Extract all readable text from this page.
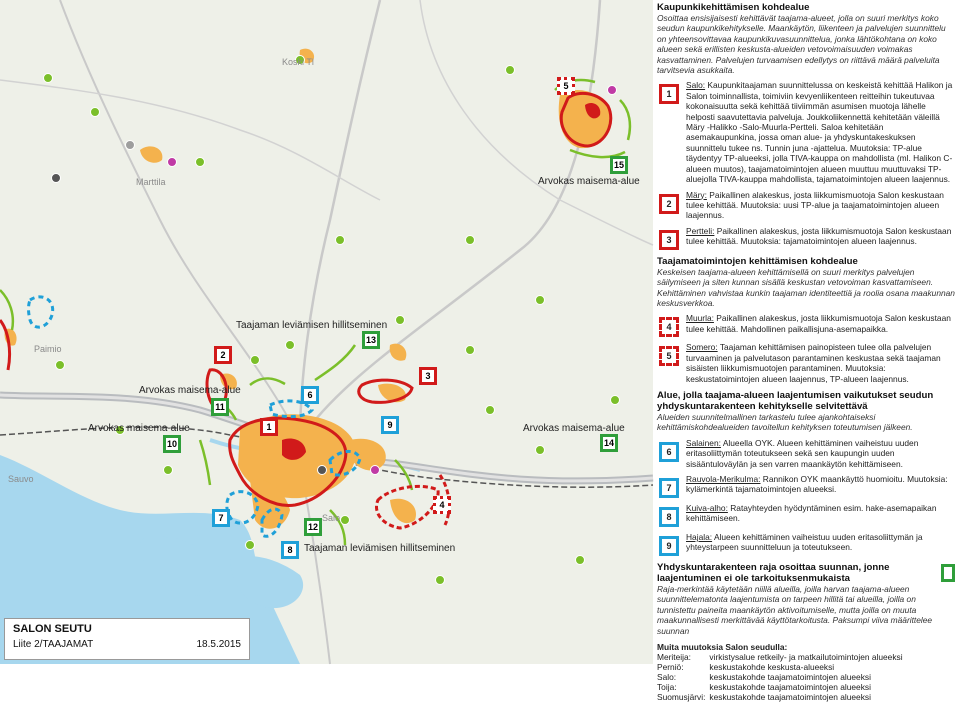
Koski Tl
Marttila
Paimio
Sauvo
Salo
Taajaman leviämisen hillitseminen
Taajaman leviämisen hillitseminen
Arvokas maisema-alue
Arvokas maisema-alue
Arvokas maisema-alue	Arvokas maisema-alue
1
2
3
4
5
6
7
8
9
10
11
12
13
14
15
SALON SEUTU
Liite 2/TAAJAMAT	18.5.2015
Kaupunkikehittämisen kohdealue
Osoittaa ensisijaisesti kehittävät taajama-alueet, jolla on suuri merkitys koko seudun kaupunkikehitykselle. Maankäytön, liikenteen ja palvelujen suunnittelu on yhteensovittavaa kaupunkikuvasuunnittelua, jonka lähtökohtana on koko alueen sekä erillisten keskusta-alueiden vetovoimaisuuden voimakas kasvattaminen. Palvelujen turvaamisen edellytys on riittävä määrä palveluita tarvitsevia asukkaita.
1
Salo: Kaupunkitaajaman suunnittelussa on keskeistä kehittää Halikon ja Salon toiminnallista, toimiviin kevyenliikenteen reitteihin tukeutuvaa kokonaisuutta sekä kehittää tiiviimmän asumisen muotoja lähelle helposti saavutettavia palveluja. Joukkoliikennettä kehitetään väleillä Märy -Halikko -Salo-Muurla-Perttelі. Saloa kehitetään asemakaupunkina, jossa oman alue- ja yhdyskuntakeskuksen suunnittelu tukee ns. Tunnin juna -ajattelua. Muutoksia: TP-alue täydentyy TP-alueeksi, jolla TIVA-kauppa on mahdollista (ml. Halikon C-alueen muutos), taajamatoimintojen alueen muuttuu muuttuvaksi TP-aluejolla TIVA-kauppa mahdollista, tajamatoimintojen alueen laajennus.
2
Märy: Paikallinen alakeskus, josta liikkumismuotoja Salon keskustaan tulee kehittää. Muutoksia: uusi TP-alue ja taajamatoimintojen alueen laajennus.
3
Pertteli: Paikallinen alakeskus, josta liikkumismuotoja Salon keskustaan tulee kehittää. Muutoksia: tajamatoimintojen alueen laajennus.
Taajamatoimintojen kehittämisen kohdealue
Keskeisen taajama-alueen kehittämisellä on suuri merkitys palvelujen säilymiseen ja siten kunnan sisällä keskustan vetovoiman kasvattamiseen. Kehittäminen vahvistaa kunkin taajaman identiteettiä ja roolia osana maakunnan keskusverkkoa.
4
Muurla: Paikallinen alakeskus, josta liikkumismuotoja Salon keskustaan tulee kehittää. Mahdollinen paikallisjuna-asemapaikka.
5
Somero: Taajaman kehittämisen painopisteen tulee olla palvelujen turvaaminen ja palvelutason parantaminen keskustaa sekä taajaman sisäisten liikkumismuotojen parantaminen. Muutoksia: keskustatoimintojen alueen laajennus, TP-alueen laajennus.
Alue, jolla taajama-alueen laajentumisen vaikutukset seudun yhdyskuntarakenteen kehitykselle selvitettävä
Alueiden suunnitelmallinen tarkastelu tulee ajankohtaiseksi kehittämiskohdealueiden tavoitellun kehityksen toteutumisen jälkeen.
6
Salainen: Alueella OYK. Alueen kehittäminen vaiheistuu uuden eritasoliittymän toteutukseen sekä sen kaupungin uuden sisääntuloväylän ja sen varren maankäytön kehittämiseen.
7
Rauvola-Merikulma: Rannikon OYK maankäyttö huomioitu. Muutoksia: kylämerkintä tajamatoimintojen alueeksi.
8
Kuiva-alho: Ratayhteyden hyödyntäminen esim. hake-asemapaikan kehittämiseen.
9
Hajala: Alueen kehittäminen vaiheistuu uuden eritasoliittymän ja yhteystarpeen suunnitteluun ja toteutukseen.
Yhdyskuntarakenteen raja osoittaa suunnan, jonne laajentuminen ei ole tarkoituksenmukaista
Raja-merkintää käytetään niillä alueilla, joilla harvan taajama-alueen suunnittelematonta laajentumista on tarpeen hillitä tai alueilla, joilla on tunnistettu paineita maankäytön aktivoitumiselle, mutta joilla on muuta maakunnallisesti merkittävää käyttötarkoitusta. Paksumpi viiva määrittelee suunnan
Muita muutoksia Salon seudulla:
Meriteija:	virkistysalue retkeily- ja matkailutoimintojen alueeksi
Perniö:	keskustakohde keskusta-alueeksi
Salo:	keskustakohde taajamatoimintojen alueeksi
Toija:	keskustakohde taajamatoimintojen alueeksi
Suomusjärvi:	keskustakohde taajamatoimintojen alueeksi
